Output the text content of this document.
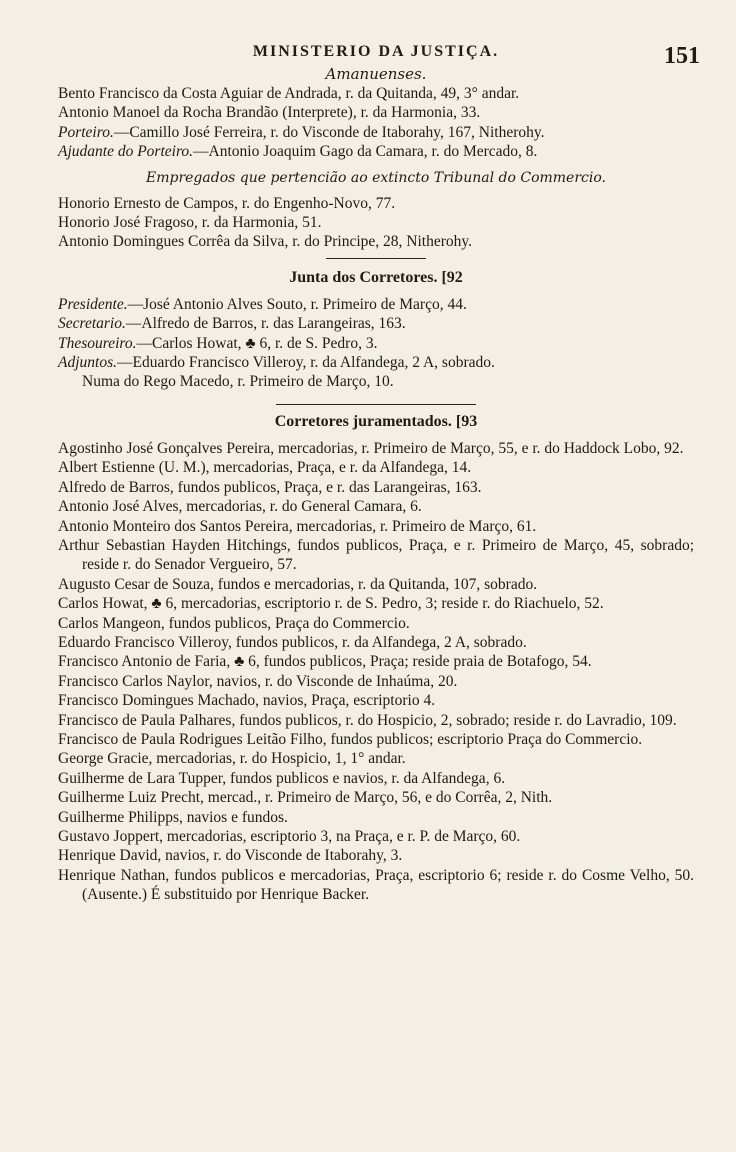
MINISTERIO DA JUSTIÇA.	151
Amanuenses.
Bento Francisco da Costa Aguiar de Andrada, r. da Quitanda, 49, 3° andar.
Antonio Manoel da Rocha Brandão (Interprete), r. da Harmonia, 33.
Porteiro.—Camillo José Ferreira, r. do Visconde de Itaborahy, 167, Nitherohy.
Ajudante do Porteiro.—Antonio Joaquim Gago da Camara, r. do Mercado, 8.
Empregados que pertencião ao extincto Tribunal do Commercio.
Honorio Ernesto de Campos, r. do Engenho-Novo, 77.
Honorio José Fragoso, r. da Harmonia, 51.
Antonio Domingues Corrêa da Silva, r. do Principe, 28, Nitherohy.
Junta dos Corretores. [92
Presidente.—José Antonio Alves Souto, r. Primeiro de Março, 44.
Secretario.—Alfredo de Barros, r. das Larangeiras, 163.
Thesoureiro.—Carlos Howat, ♣ 6, r. de S. Pedro, 3.
Adjuntos.—Eduardo Francisco Villeroy, r. da Alfandega, 2 A, sobrado.
Numa do Rego Macedo, r. Primeiro de Março, 10.
Corretores juramentados. [93
Agostinho José Gonçalves Pereira, mercadorias, r. Primeiro de Março, 55, e r. do Haddock Lobo, 92.
Albert Estienne (U. M.), mercadorias, Praça, e r. da Alfandega, 14.
Alfredo de Barros, fundos publicos, Praça, e r. das Larangeiras, 163.
Antonio José Alves, mercadorias, r. do General Camara, 6.
Antonio Monteiro dos Santos Pereira, mercadorias, r. Primeiro de Março, 61.
Arthur Sebastian Hayden Hitchings, fundos publicos, Praça, e r. Primeiro de Março, 45, sobrado; reside r. do Senador Vergueiro, 57.
Augusto Cesar de Souza, fundos e mercadorias, r. da Quitanda, 107, sobrado.
Carlos Howat, ♣ 6, mercadorias, escriptorio r. de S. Pedro, 3; reside r. do Riachuelo, 52.
Carlos Mangeon, fundos publicos, Praça do Commercio.
Eduardo Francisco Villeroy, fundos publicos, r. da Alfandega, 2 A, sobrado.
Francisco Antonio de Faria, ♣ 6, fundos publicos, Praça; reside praia de Botafogo, 54.
Francisco Carlos Naylor, navios, r. do Visconde de Inhaúma, 20.
Francisco Domingues Machado, navios, Praça, escriptorio 4.
Francisco de Paula Palhares, fundos publicos, r. do Hospicio, 2, sobrado; reside r. do Lavradio, 109.
Francisco de Paula Rodrigues Leitão Filho, fundos publicos; escriptorio Praça do Commercio.
George Gracie, mercadorias, r. do Hospicio, 1, 1° andar.
Guilherme de Lara Tupper, fundos publicos e navios, r. da Alfandega, 6.
Guilherme Luiz Precht, mercad., r. Primeiro de Março, 56, e do Corrêa, 2, Nith.
Guilherme Philipps, navios e fundos.
Gustavo Joppert, mercadorias, escriptorio 3, na Praça, e r. P. de Março, 60.
Henrique David, navios, r. do Visconde de Itaborahy, 3.
Henrique Nathan, fundos publicos e mercadorias, Praça, escriptorio 6; reside r. do Cosme Velho, 50. (Ausente.) É substituido por Henrique Backer.
